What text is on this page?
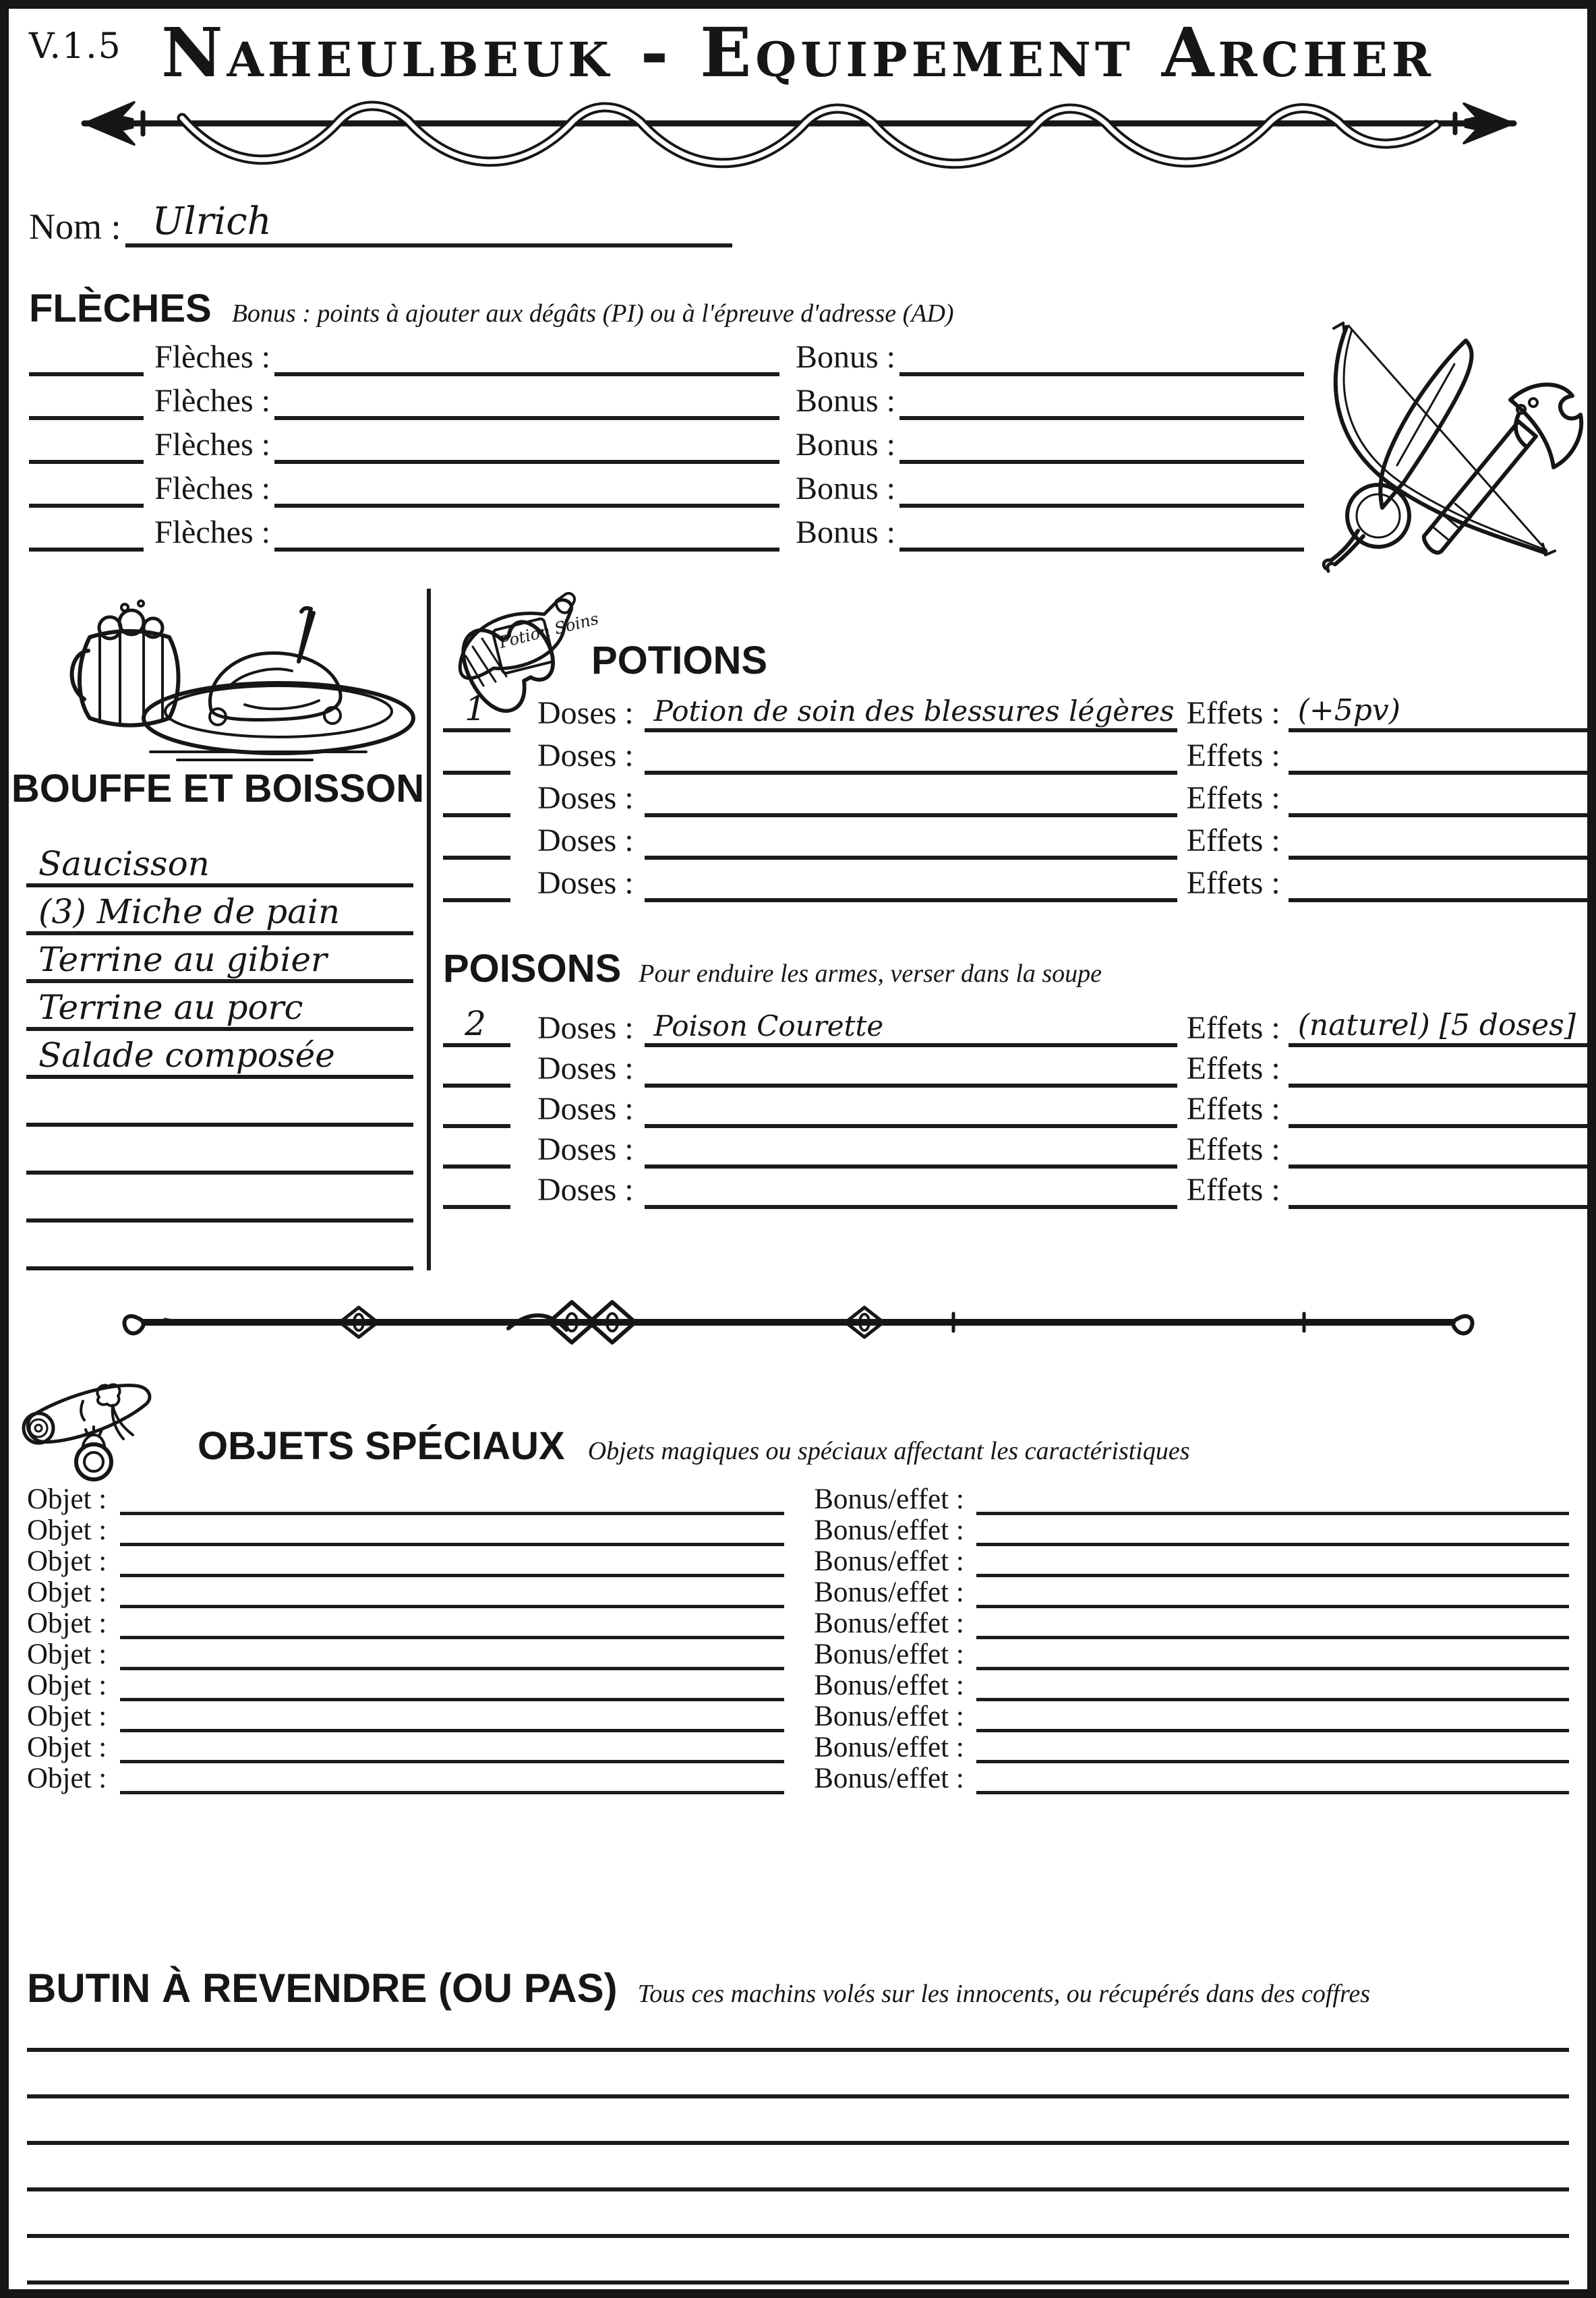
V.1.5 Naheulbeuk - Equipement Archer
Nom : Ulrich
FLÈCHES Bonus : points à ajouter aux dégâts (PI) ou à l'épreuve d'adresse (AD)
Flèches :	Bonus :
Flèches :	Bonus :
Flèches :	Bonus :
Flèches :	Bonus :
Flèches :	Bonus :
BOUFFE ET BOISSON
Saucisson
(3) Miche de pain
Terrine au gibier
Terrine au porc
Salade composée
Potion Soins
POTIONS
1	Doses : Potion de soin des blessures légères Effets : (+5pv)
Doses :	Effets :
Doses :	Effets :
Doses :	Effets :
Doses :	Effets :
POISONS Pour enduire les armes, verser dans la soupe
2	Doses : Poison Courette	Effets : (naturel) [5 doses]
Doses :	Effets :
Doses :	Effets :
Doses :	Effets :
Doses :	Effets :
OBJETS SPÉCIAUX Objets magiques ou spéciaux affectant les caractéristiques
Objet :	Bonus/effet :
Objet :	Bonus/effet :
Objet :	Bonus/effet :
Objet :	Bonus/effet :
Objet :	Bonus/effet :
Objet :	Bonus/effet :
Objet :	Bonus/effet :
Objet :	Bonus/effet :
Objet :	Bonus/effet :
Objet :	Bonus/effet :
BUTIN À REVENDRE (OU PAS) Tous ces machins volés sur les innocents, ou récupérés dans des coffres
